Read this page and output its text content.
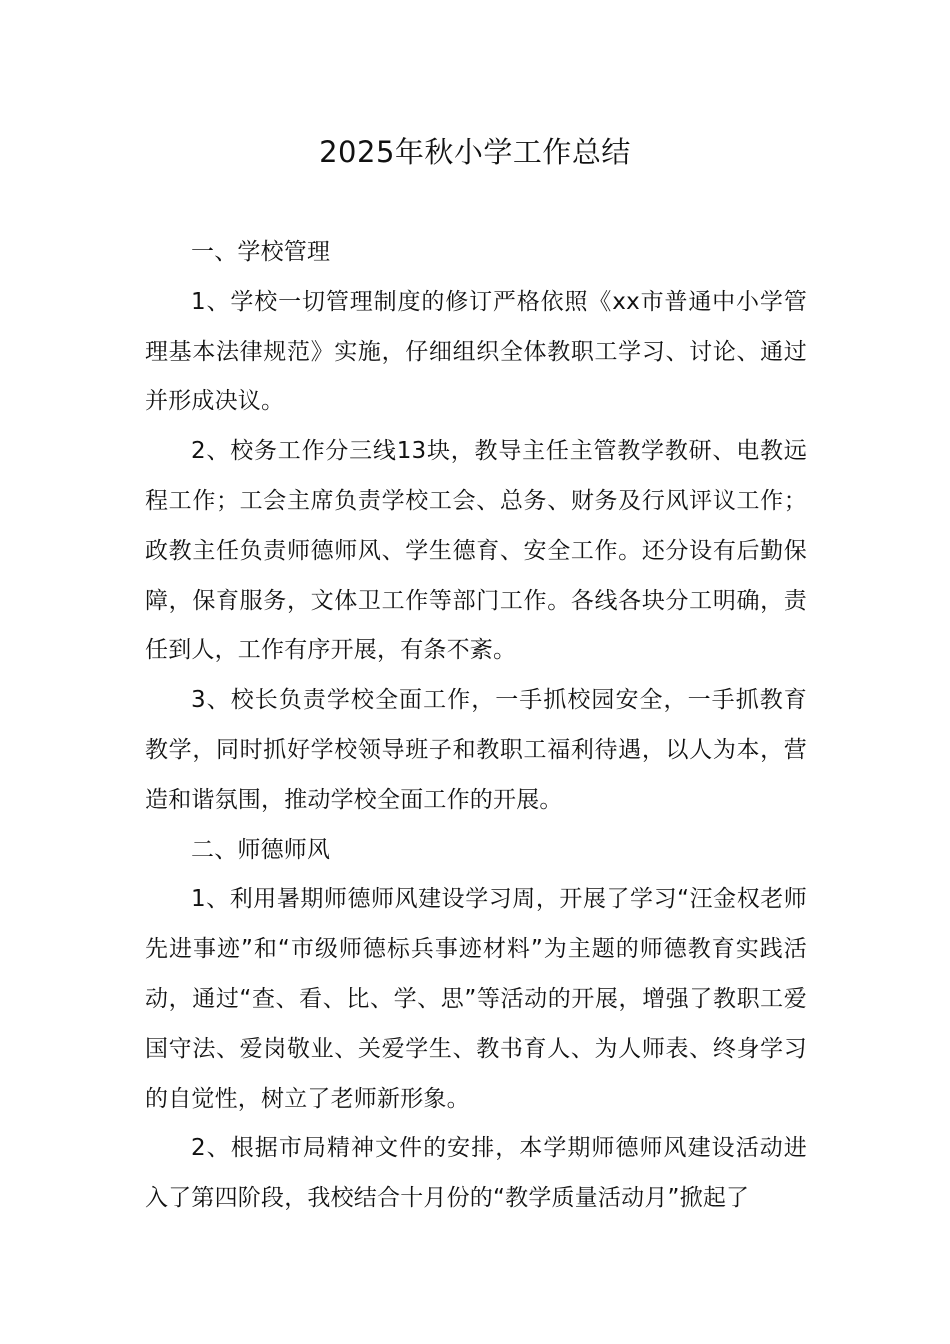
2025年秋小学工作总结

一、学校管理

1、学校一切管理制度的修订严格依照《xx市普通中小学管理基本法律规范》实施，仔细组织全体教职工学习、讨论、通过并形成决议。

2、校务工作分三线13块，教导主任主管教学教研、电教远程工作；工会主席负责学校工会、总务、财务及行风评议工作；政教主任负责师德师风、学生德育、安全工作。还分设有后勤保障，保育服务，文体卫工作等部门工作。各线各块分工明确，责任到人，工作有序开展，有条不紊。

3、校长负责学校全面工作，一手抓校园安全，一手抓教育教学，同时抓好学校领导班子和教职工福利待遇，以人为本，营造和谐氛围，推动学校全面工作的开展。

二、师德师风

1、利用暑期师德师风建设学习周，开展了学习“汪金权老师先进事迹”和“市级师德标兵事迹材料”为主题的师德教育实践活动，通过“查、看、比、学、思”等活动的开展，增强了教职工爱国守法、爱岗敬业、关爱学生、教书育人、为人师表、终身学习的自觉性，树立了老师新形象。

2、根据市局精神文件的安排，本学期师德师风建设活动进入了第四阶段，我校结合十月份的“教学质量活动月”掀起了
